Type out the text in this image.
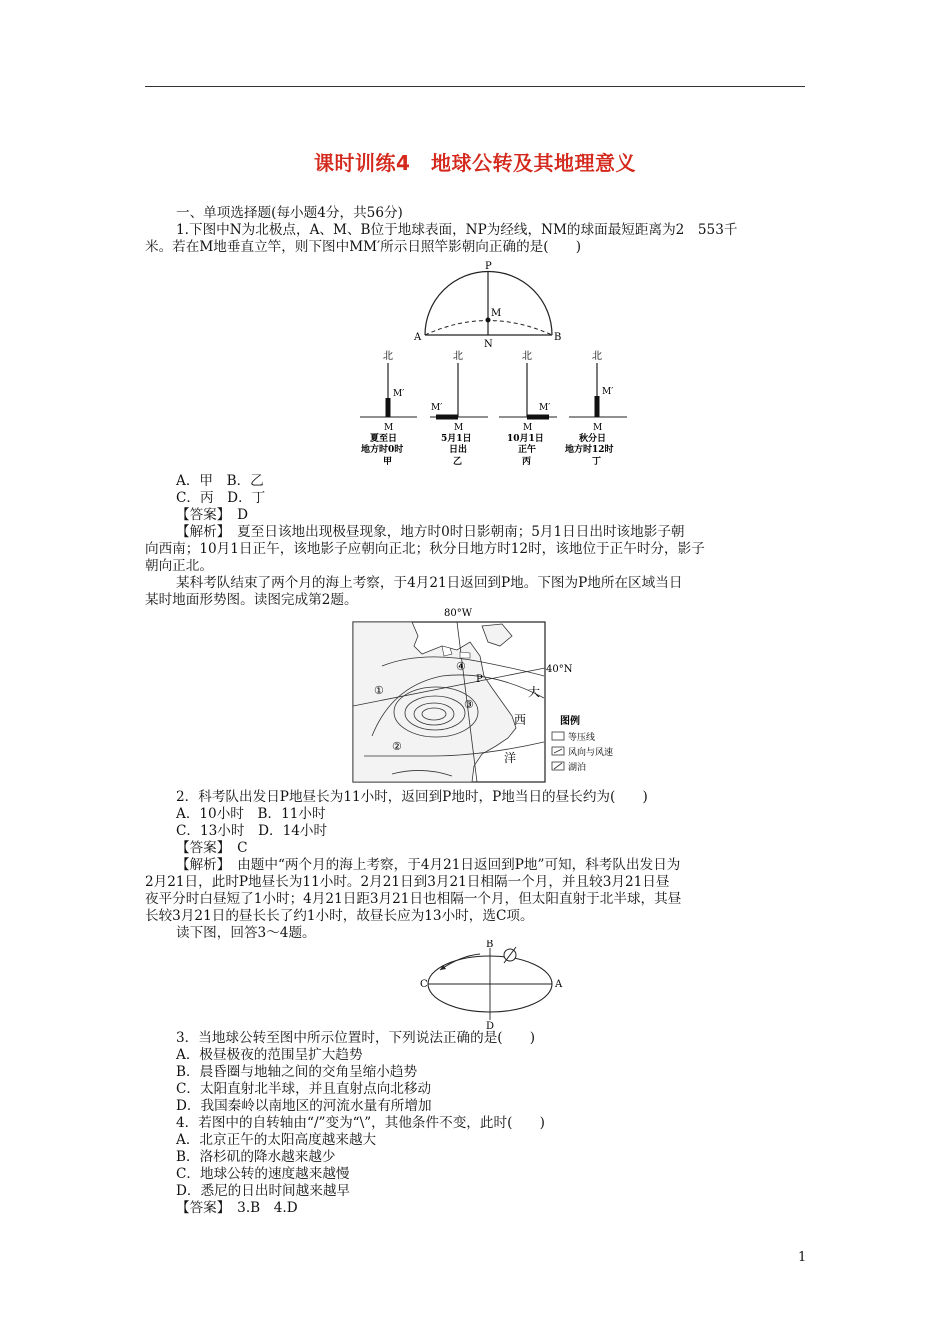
课时训练4　地球公转及其地理意义
一、单项选择题(每小题4分，共56分)
1.下图中N为北极点，A、M、B位于地球表面，NP为经线，NM的球面最短距离为2　553千
米。若在M地垂直立竿，则下图中MM′所示日照竿影朝向正确的是(　　)
P
M
N
A	B
北
M′
M
夏至日
地方时0时
甲
北
M′
M
5月1日
日出
乙
北
M′
M
10月1日
正午
丙
北
M′
M
秋分日
地方时12时
丁
A．甲　B．乙
C．丙　D．丁
【答案】　D
【解析】　夏至日该地出现极昼现象，地方时0时日影朝南；5月1日日出时该地影子朝
向西南；10月1日正午，该地影子应朝向正北；秋分日地方时12时，该地位于正午时分，影子
朝向正北。
某科考队结束了两个月的海上考察，于4月21日返回到P地。下图为P地所在区域当日
某时地面形势图。读图完成第2题。
80°W
①
②
③
④
P
大
西
洋
40°N
图例
等压线
风向与风速
湖泊
2．科考队出发日P地昼长为11小时，返回到P地时，P地当日的昼长约为(　　)
A．10小时　B．11小时
C．13小时　D．14小时
【答案】　C
【解析】　由题中“两个月的海上考察，于4月21日返回到P地”可知，科考队出发日为
2月21日，此时P地昼长为11小时。2月21日到3月21日相隔一个月，并且较3月21日昼
夜平分时白昼短了1小时；4月21日距3月21日也相隔一个月，但太阳直射于北半球，其昼
长较3月21日的昼长长了约1小时，故昼长应为13小时，选C项。
读下图，回答3～4题。
B
C	A
D
3．当地球公转至图中所示位置时，下列说法正确的是(　　)
A．极昼极夜的范围呈扩大趋势
B．晨昏圈与地轴之间的交角呈缩小趋势
C．太阳直射北半球，并且直射点向北移动
D．我国秦岭以南地区的河流水量有所增加
4．若图中的自转轴由“/”变为“\”，其他条件不变，此时(　　)
A．北京正午的太阳高度越来越大
B．洛杉矶的降水越来越少
C．地球公转的速度越来越慢
D．悉尼的日出时间越来越早
【答案】　3.B　4.D
1
